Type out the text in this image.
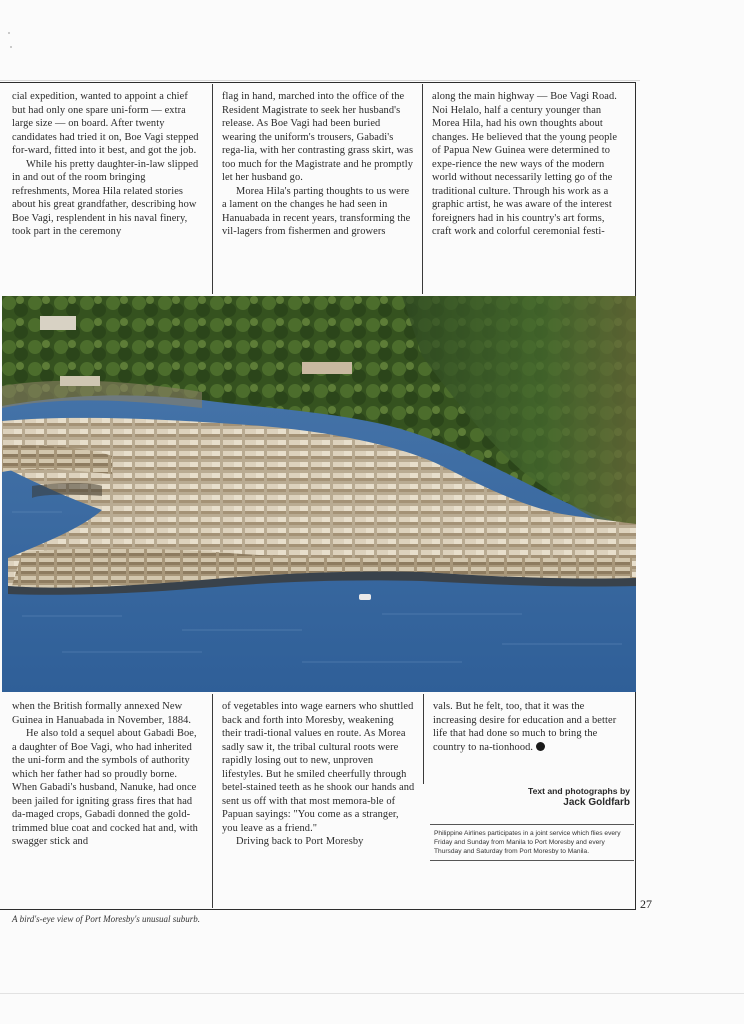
cial expedition, wanted to appoint a chief but had only one spare uni-form — extra large size — on board. After twenty candidates had tried it on, Boe Vagi stepped for-ward, fitted into it best, and got the job.

While his pretty daughter-in-law slipped in and out of the room bringing refreshments, Morea Hila related stories about his great grandfather, describing how Boe Vagi, resplendent in his naval finery, took part in the ceremony

flag in hand, marched into the office of the Resident Magistrate to seek her husband's release. As Boe Vagi had been buried wearing the uniform's trousers, Gabadi's rega-lia, with her contrasting grass skirt, was too much for the Magistrate and he promptly let her husband go.

Morea Hila's parting thoughts to us were a lament on the changes he had seen in Hanuabada in recent years, transforming the vil-lagers from fishermen and growers

along the main highway — Boe Vagi Road. Noi Helalo, half a century younger than Morea Hila, had his own thoughts about changes. He believed that the young people of Papua New Guinea were determined to expe-rience the new ways of the modern world without necessarily letting go of the traditional culture. Through his work as a graphic artist, he was aware of the interest foreigners had in his country's art forms, craft work and colorful ceremonial festi-

when the British formally annexed New Guinea in Hanuabada in November, 1884.

He also told a sequel about Gabadi Boe, a daughter of Boe Vagi, who had inherited the uni-form and the symbols of authority which her father had so proudly borne. When Gabadi's husband, Nanuke, had once been jailed for igniting grass fires that had da-maged crops, Gabadi donned the gold-trimmed blue coat and cocked hat and, with swagger stick and

of vegetables into wage earners who shuttled back and forth into Moresby, weakening their tradi-tional values en route. As Morea sadly saw it, the tribal cultural roots were rapidly losing out to new, unproven lifestyles. But he smiled cheerfully through betel-stained teeth as he shook our hands and sent us off with that most memora-ble of Papuan sayings: "You come as a stranger, you leave as a friend."

Driving back to Port Moresby

vals. But he felt, too, that it was the increasing desire for education and a better life that had done so much to bring the country to na-tionhood.

Text and photographs by
Jack Goldfarb
Philippine Airlines participates in a joint service which flies every Friday and Sunday from Manila to Port Moresby and every Thursday and Saturday from Port Moresby to Manila.
27
A bird's-eye view of Port Moresby's unusual suburb.
